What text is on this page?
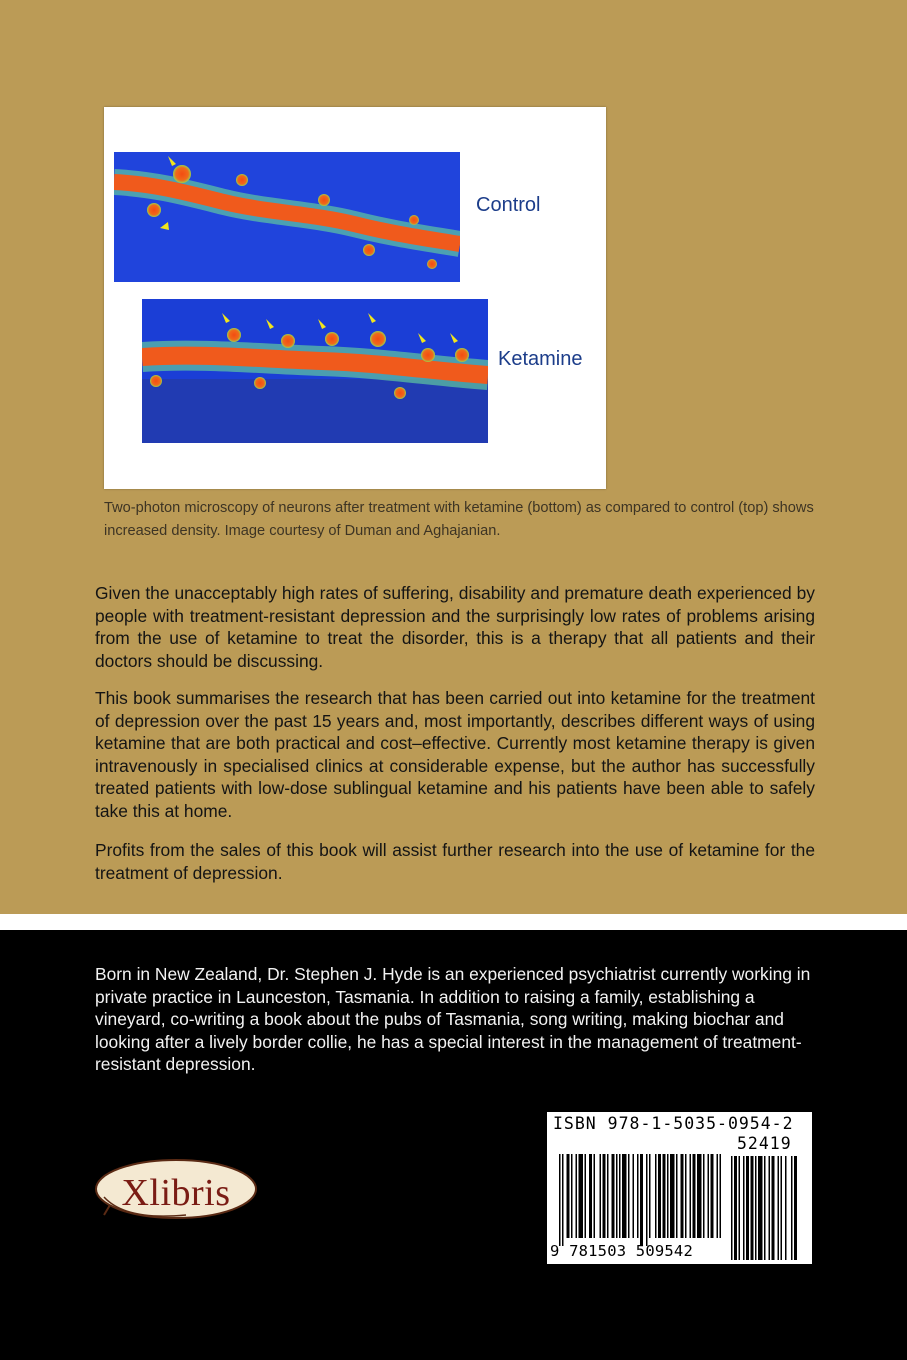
Control
Ketamine
Two-photon microscopy of neurons after treatment with ketamine (bottom) as compared to control (top) shows increased density. Image courtesy of Duman and Aghajanian.

Given the unacceptably high rates of suffering, disability and premature death experienced by people with treatment-resistant depression and the surprisingly low rates of problems arising from the use of ketamine to treat the disorder, this is a therapy that all patients and their doctors should be discussing.

This book summarises the research that has been carried out into ketamine for the treatment of depression over the past 15 years and, most importantly, describes different ways of using ketamine that are both practical and cost–effective. Currently most ketamine therapy is given intravenously in specialised clinics at considerable expense, but the author has successfully treated patients with low-dose sublingual ketamine and his patients have been able to safely take this at home.

Profits from the sales of this book will assist further research into the use of ketamine for the treatment of depression.

Born in New Zealand, Dr. Stephen J. Hyde is an experienced psychiatrist currently working in private practice in Launceston, Tasmania. In addition to raising a family, establishing a vineyard, co-writing a book about the pubs of Tasmania, song writing, making biochar and looking after a lively border collie, he has a special interest in the management of treatment-resistant depression.

Xlibris
ISBN 978-1-5035-0954-2
52419
9 781503 509542
